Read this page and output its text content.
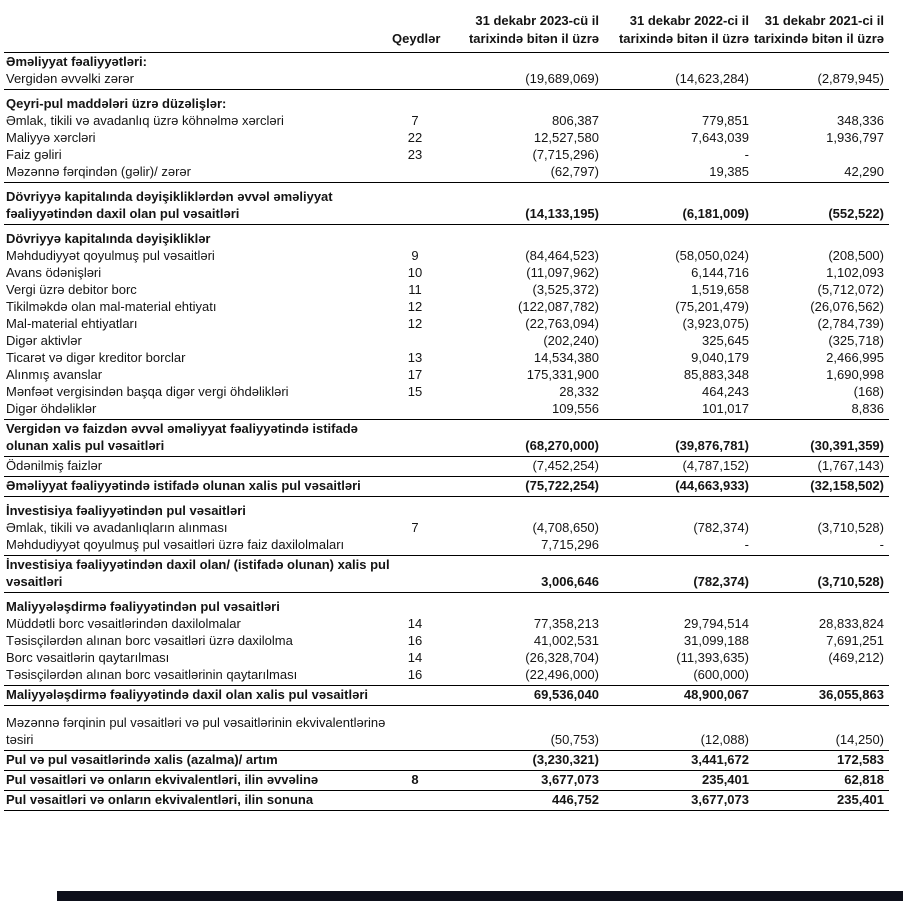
	Qeydlər	31 dekabr 2023-cü il tarixində bitən il üzrə	31 dekabr 2022-ci il tarixində bitən il üzrə	31 dekabr 2021-ci il tarixində bitən il üzrə
Əməliyyat fəaliyyətləri:				
Vergidən əvvəlki zərər		(19,689,069)	(14,623,284)	(2,879,945)
Qeyri-pul maddələri üzrə düzəlişlər:				
Əmlak, tikili və avadanlıq üzrə köhnəlmə xərcləri	7	806,387	779,851	348,336
Maliyyə xərcləri	22	12,527,580	7,643,039	1,936,797
Faiz gəliri	23	(7,715,296)	-	
Məzənnə fərqindən (gəlir)/ zərər		(62,797)	19,385	42,290
Dövriyyə kapitalında dəyişikliklərdən əvvəl əməliyyat fəaliyyətindən daxil olan pul vəsaitləri		(14,133,195)	(6,181,009)	(552,522)
Dövriyyə kapitalında dəyişikliklər				
Məhdudiyyət qoyulmuş pul vəsaitləri	9	(84,464,523)	(58,050,024)	(208,500)
Avans ödənişləri	10	(11,097,962)	6,144,716	1,102,093
Vergi üzrə debitor borc	11	(3,525,372)	1,519,658	(5,712,072)
Tikilməkdə olan mal-material ehtiyatı	12	(122,087,782)	(75,201,479)	(26,076,562)
Mal-material ehtiyatları	12	(22,763,094)	(3,923,075)	(2,784,739)
Digər aktivlər		(202,240)	325,645	(325,718)
Ticarət və digər kreditor borclar	13	14,534,380	9,040,179	2,466,995
Alınmış avanslar	17	175,331,900	85,883,348	1,690,998
Mənfəət vergisindən başqa digər vergi öhdəlikləri	15	28,332	464,243	(168)
Digər öhdəliklər		109,556	101,017	8,836
Vergidən və faizdən əvvəl əməliyyat fəaliyyətində istifadə olunan xalis pul vəsaitləri		(68,270,000)	(39,876,781)	(30,391,359)
Ödənilmiş faizlər		(7,452,254)	(4,787,152)	(1,767,143)
Əməliyyat fəaliyyətində istifadə olunan xalis pul vəsaitləri		(75,722,254)	(44,663,933)	(32,158,502)
İnvestisiya fəaliyyətindən pul vəsaitləri				
Əmlak, tikili və avadanlıqların alınması	7	(4,708,650)	(782,374)	(3,710,528)
Məhdudiyyət qoyulmuş pul vəsaitləri üzrə faiz daxilolmaları		7,715,296	-	-
İnvestisiya fəaliyyətindən daxil olan/ (istifadə olunan) xalis pul vəsaitləri		3,006,646	(782,374)	(3,710,528)
Maliyyələşdirmə fəaliyyətindən pul vəsaitləri				
Müddətli borc vəsaitlərindən daxilolmalar	14	77,358,213	29,794,514	28,833,824
Təsisçilərdən alınan borc vəsaitləri üzrə daxilolma	16	41,002,531	31,099,188	7,691,251
Borc vəsaitlərin qaytarılması	14	(26,328,704)	(11,393,635)	(469,212)
Təsisçilərdən alınan borc vəsaitlərinin qaytarılması	16	(22,496,000)	(600,000)	
Maliyyələşdirmə fəaliyyətində daxil olan xalis pul vəsaitləri		69,536,040	48,900,067	36,055,863

Məzənnə fərqinin pul vəsaitləri və pul vəsaitlərinin ekvivalentlərinə təsiri		(50,753)	(12,088)	(14,250)
Pul və pul vəsaitlərində xalis (azalma)/ artım		(3,230,321)	3,441,672	172,583
Pul vəsaitləri və onların ekvivalentləri, ilin əvvəlinə	8	3,677,073	235,401	62,818
Pul vəsaitləri və onların ekvivalentləri, ilin sonuna		446,752	3,677,073	235,401
